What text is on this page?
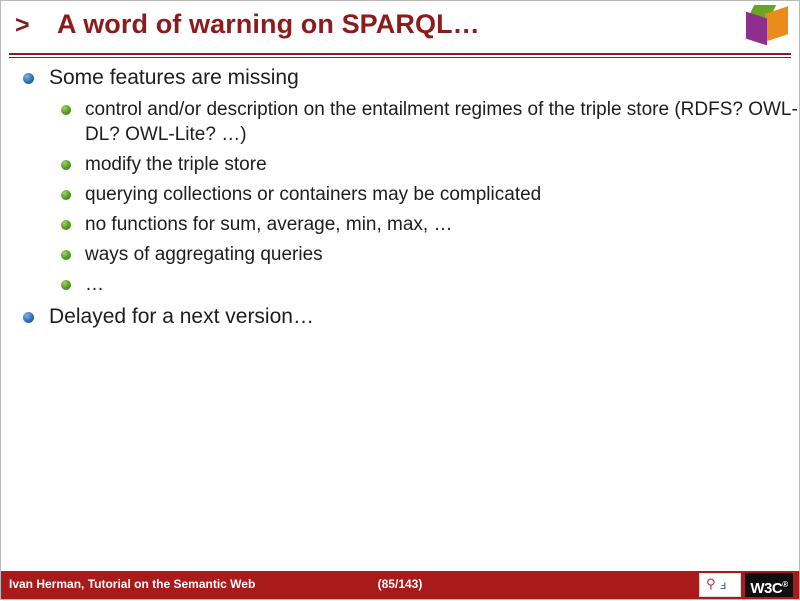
> A word of warning on SPARQL…
Some features are missing
control and/or description on the entailment regimes of the triple store (RDFS? OWL-DL? OWL-Lite? …)
modify the triple store
querying collections or containers may be complicated
no functions for sum, average, min, max, …
ways of aggregating queries
…
Delayed for a next version…
Ivan Herman, Tutorial on the Semantic Web	(85/143)	⚲ ⅎ	W3C®
